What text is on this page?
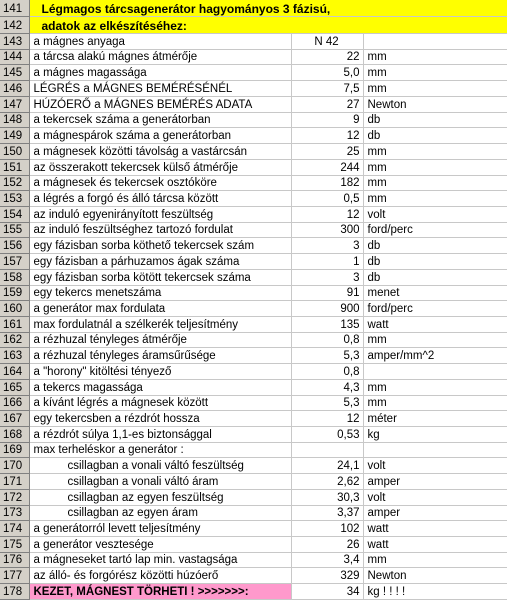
141	Légmagos tárcsagenerátor hagyományos 3 fázisú,		
142	adatok az elkészítéséhez:		
143	a mágnes anyaga	N 42	
144	a tárcsa alakú mágnes átmérője	22	mm
145	a mágnes magassága	5,0	mm
146	LÉGRÉS a MÁGNES BEMÉRÉSÉNÉL	7,5	mm
147	HÚZÓERŐ a MÁGNES BEMÉRÉS ADATA	27	Newton
148	a tekercsek száma a generátorban	9	db
149	a mágnespárok száma a generátorban	12	db
150	a mágnesek közötti távolság a vastárcsán	25	mm
151	az összerakott tekercsek külső átmérője	244	mm
152	a mágnesek és tekercsek osztóköre	182	mm
153	a légrés a forgó és álló tárcsa között	0,5	mm
154	az induló egyenirányított feszültség	12	volt
155	az induló feszültséghez tartozó fordulat	300	ford/perc
156	egy fázisban sorba köthető tekercsek szám	3	db
157	egy fázisban a párhuzamos ágak száma	1	db
158	egy fázisban sorba kötött tekercsek száma	3	db
159	egy tekercs menetszáma	91	menet
160	a generátor max fordulata	900	ford/perc
161	max fordulatnál a szélkerék teljesítmény	135	watt
162	a rézhuzal tényleges átmérője	0,8	mm
163	a rézhuzal tényleges áramsűrűsége	5,3	amper/mm^2
164	a "horony" kitöltési tényező	0,8	
165	a tekercs magassága	4,3	mm
166	a kívánt légrés a mágnesek között	5,3	mm
167	egy tekercsben a rézdrót hossza	12	méter
168	a rézdrót súlya 1,1-es biztonsággal	0,53	kg
169	max terheléskor a generátor :		
170	csillagban a vonali váltó feszültség	24,1	volt
171	csillagban a vonali váltó áram	2,62	amper
172	csillagban az egyen feszültség	30,3	volt
173	csillagban az egyen áram	3,37	amper
174	a generátorról levett teljesítmény	102	watt
175	a generátor vesztesége	26	watt
176	a mágneseket tartó lap min. vastagsága	3,4	mm
177	az álló- és forgórész közötti húzóerő	329	Newton
178	KEZET, MÁGNEST TÖRHETI ! >>>>>>>:	34	kg ! ! ! !
